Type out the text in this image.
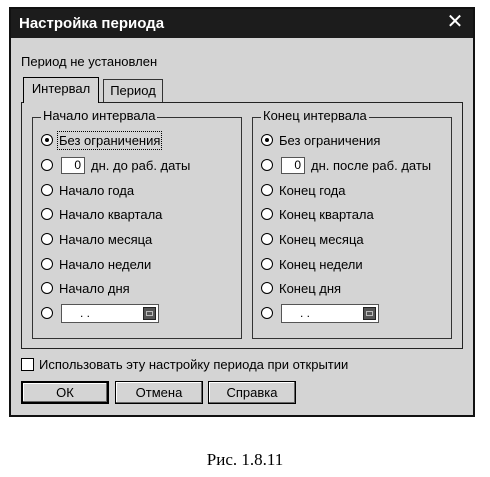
Настройка периода	✕
Период не установлен
Интервал	Период
Начало интервала
Без ограничения
0 дн. до раб. даты
Начало года
Начало квартала
Начало месяца
Начало недели
Начало дня
. .
Конец интервала
Без ограничения
0 дн. после раб. даты
Конец года
Конец квартала
Конец месяца
Конец недели
Конец дня
. .
Использовать эту настройку периода при открытии
ОК	Отмена	Справка
Рис. 1.8.11
